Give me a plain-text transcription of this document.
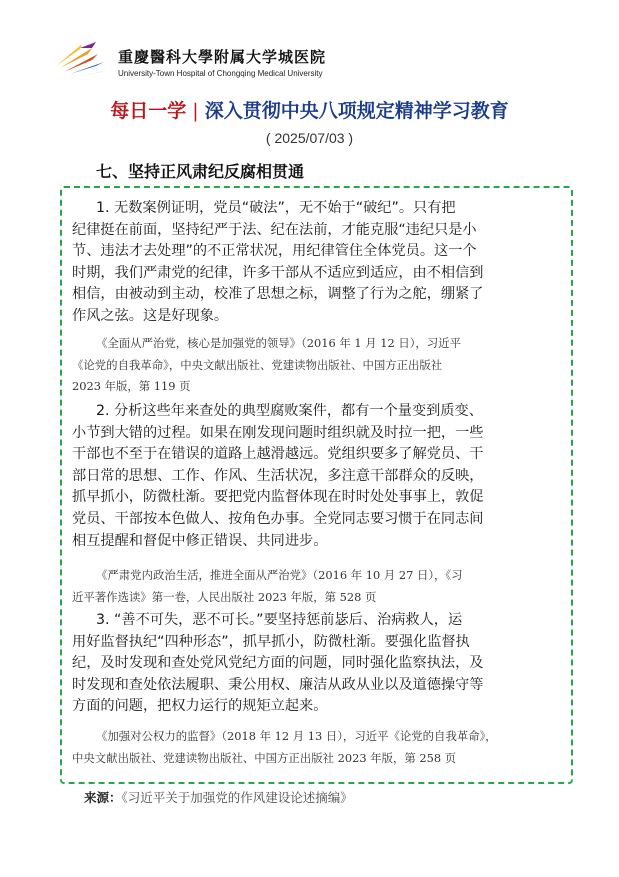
重慶醫科大學附属大学城医院
University-Town Hospital of Chongqing Medical University
每日一学 | 深入贯彻中央八项规定精神学习教育
( 2025/07/03 )
七、坚持正风肃纪反腐相贯通
1. 无数案例证明，党员“破法”，无不始于“破纪”。只有把
纪律挺在前面，坚持纪严于法、纪在法前，才能克服“违纪只是小
节、违法才去处理”的不正常状况，用纪律管住全体党员。这一个
时期，我们严肃党的纪律，许多干部从不适应到适应，由不相信到
相信，由被动到主动，校准了思想之标，调整了行为之舵，绷紧了
作风之弦。这是好现象。
《全面从严治党，核心是加强党的领导》（2016 年 1 月 12 日），习近平
《论党的自我革命》，中央文献出版社、党建读物出版社、中国方正出版社
2023 年版，第 119 页
2. 分析这些年来查处的典型腐败案件，都有一个量变到质变、
小节到大错的过程。如果在刚发现问题时组织就及时拉一把，一些
干部也不至于在错误的道路上越滑越远。党组织要多了解党员、干
部日常的思想、工作、作风、生活状况，多注意干部群众的反映，
抓早抓小，防微杜渐。要把党内监督体现在时时处处事事上，敦促
党员、干部按本色做人、按角色办事。全党同志要习惯于在同志间
相互提醒和督促中修正错误、共同进步。
《严肃党内政治生活，推进全面从严治党》（2016 年 10 月 27 日），《习
近平著作选读》第一卷，人民出版社 2023 年版，第 528 页
3. “善不可失，恶不可长。”要坚持惩前毖后、治病救人，运
用好监督执纪“四种形态”，抓早抓小，防微杜渐。要强化监督执
纪，及时发现和查处党风党纪方面的问题，同时强化监察执法，及
时发现和查处依法履职、秉公用权、廉洁从政从业以及道德操守等
方面的问题，把权力运行的规矩立起来。
《加强对公权力的监督》（2018 年 12 月 13 日），习近平《论党的自我革命》，
中央文献出版社、党建读物出版社、中国方正出版社 2023 年版，第 258 页
来源：《习近平关于加强党的作风建设论述摘编》
